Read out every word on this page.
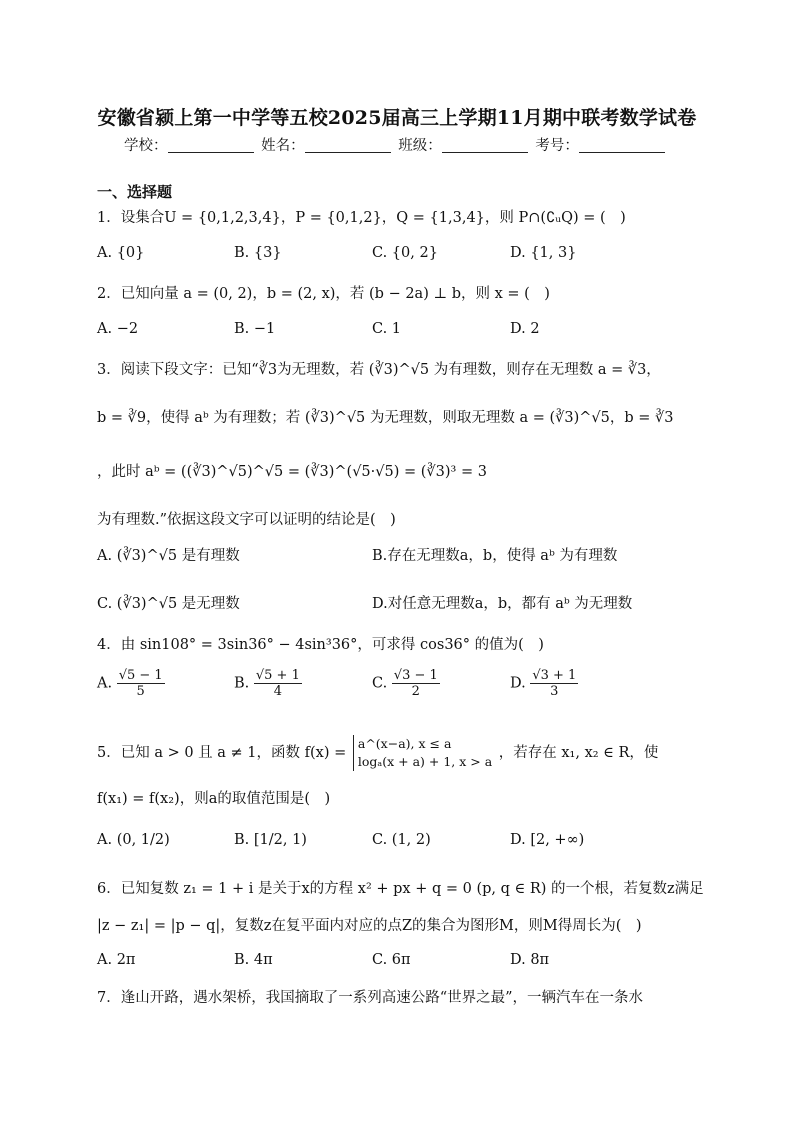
安徽省颍上第一中学等五校2025届高三上学期11月期中联考数学试卷
学校：	姓名：	班级：	考号：
一、选择题
1．设集合U = {0,1,2,3,4}，P = {0,1,2}，Q = {1,3,4}，则 P∩(∁ᵤQ) = (　)
A. {0}	B. {3}	C. {0, 2}	D. {1, 3}
2．已知向量 a = (0, 2)，b = (2, x)，若 (b − 2a) ⊥ b，则 x = (　)
A. −2	B. −1	C. 1	D. 2
3．阅读下段文字：已知“∛3为无理数，若 (∛3)^√5 为有理数，则存在无理数 a = ∛3，
b = ∛9，使得 aᵇ 为有理数；若 (∛3)^√5 为无理数，则取无理数 a = (∛3)^√5，b = ∛3
，此时 aᵇ = ((∛3)^√5)^√5 = (∛3)^(√5·√5) = (∛3)³ = 3
为有理数.”依据这段文字可以证明的结论是(　)
A. (∛3)^√5 是有理数	B.存在无理数a，b，使得 aᵇ 为有理数
C. (∛3)^√5 是无理数	D.对任意无理数a，b，都有 aᵇ 为无理数
4．由 sin108° = 3sin36° − 4sin³36°，可求得 cos36° 的值为(　)
A. $\frac{√5 - 1}{5}$	B. $\frac{√5 + 1}{4}$	C. $\frac{√3 - 1}{2}$	D. $\frac{√3 + 1}{3}$
5．已知 a > 0 且 a ≠ 1，函数 f(x) =
a^(x−a), x ≤ a
logₐ(x + a) + 1, x > a
，若存在 x₁, x₂ ∈ R，使
f(x₁) = f(x₂)，则a的取值范围是(　)
A. (0, 1/2)	B. [1/2, 1)	C. (1, 2)	D. [2, +∞)
6．已知复数 z₁ = 1 + i 是关于x的方程 x² + px + q = 0 (p, q ∈ R) 的一个根，若复数z满足
|z − z₁| = |p − q|，复数z在复平面内对应的点Z的集合为图形M，则M得周长为(　)
A. 2π	B. 4π	C. 6π	D. 8π
7．逢山开路，遇水架桥，我国摘取了一系列高速公路“世界之最”，一辆汽车在一条水
